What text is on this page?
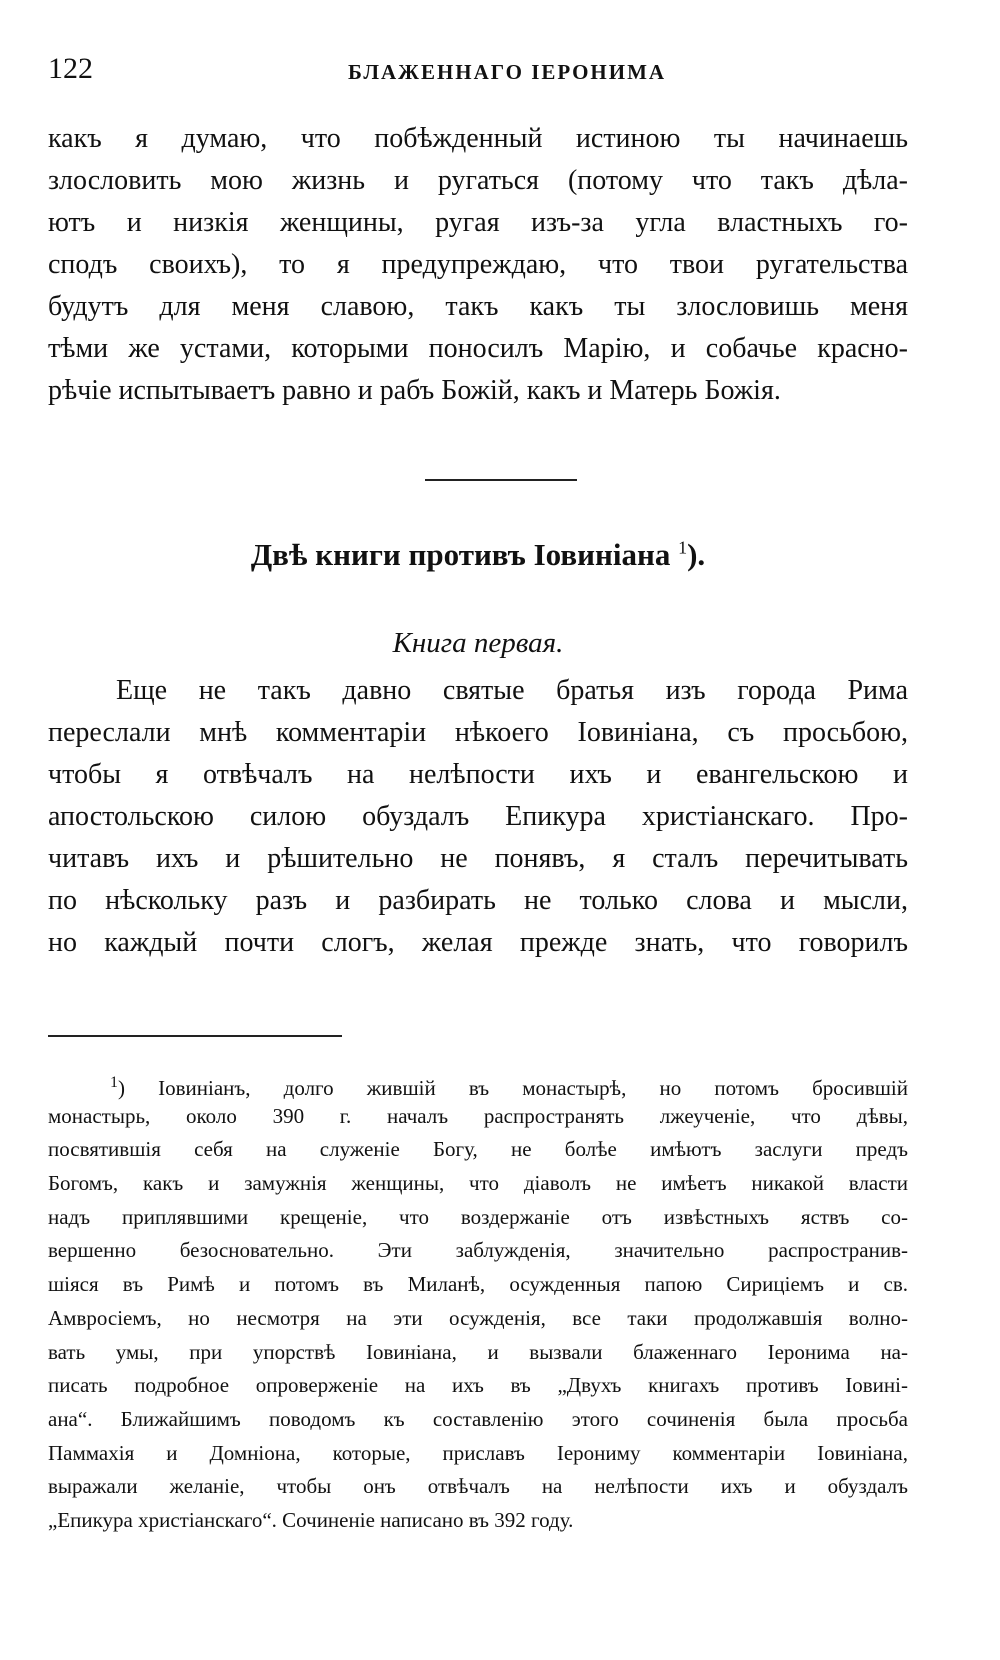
122	БЛАЖЕННАГО ІЕРОНИМА
какъ я думаю, что побѣжденный истиною ты начинаешь
злословить мою жизнь и ругаться (потому что такъ дѣла-
ютъ и низкія женщины, ругая изъ-за угла властныхъ го-
сподъ своихъ), то я предупреждаю, что твои ругательства
будутъ для меня славою, такъ какъ ты злословишь меня
тѣми же устами, которыми поносилъ Марію, и собачье красно-
рѣчіе испытываетъ равно и рабъ Божій, какъ и Матерь Божія.
Двѣ книги противъ Іовиніана $^1$).
Книга первая.
Еще не такъ давно святые братья изъ города Рима
переслали мнѣ комментаріи нѣкоего Іовиніана, съ просьбою,
чтобы я отвѣчалъ на нелѣпости ихъ и евангельскою и
апостольскою силою обуздалъ Епикура христіанскаго. Про-
читавъ ихъ и рѣшительно не понявъ, я сталъ перечитывать
по нѣскольку разъ и разбирать не только слова и мысли,
но каждый почти слогъ, желая прежде знать, что говорилъ
$^1$) Іовиніанъ, долго жившій въ монастырѣ, но потомъ бросившій
монастырь, около 390 г. началъ распространять лжеученіе, что дѣвы,
посвятившія себя на служеніе Богу, не болѣе имѣютъ заслуги предъ
Богомъ, какъ и замужнія женщины, что діаволъ не имѣетъ никакой власти
надъ приплявшими крещеніе, что воздержаніе отъ извѣстныхъ яствъ со-
вершенно безосновательно. Эти заблужденія, значительно распространив-
шіяся въ Римѣ и потомъ въ Миланѣ, осужденныя папою Сириціемъ и св.
Амвросіемъ, но несмотря на эти осужденія, все таки продолжавшія волно-
вать умы, при упорствѣ Іовиніана, и вызвали блаженнаго Іеронима на-
писать подробное опроверженіе на ихъ въ „Двухъ книгахъ противъ Іовині-
ана“. Ближайшимъ поводомъ къ составленію этого сочиненія была просьба
Паммахія и Домніона, которые, приславъ Іерониму комментаріи Іовиніана,
выражали желаніе, чтобы онъ отвѣчалъ на нелѣпости ихъ и обуздалъ
„Епикура христіанскаго“. Сочиненіе написано въ 392 году.
